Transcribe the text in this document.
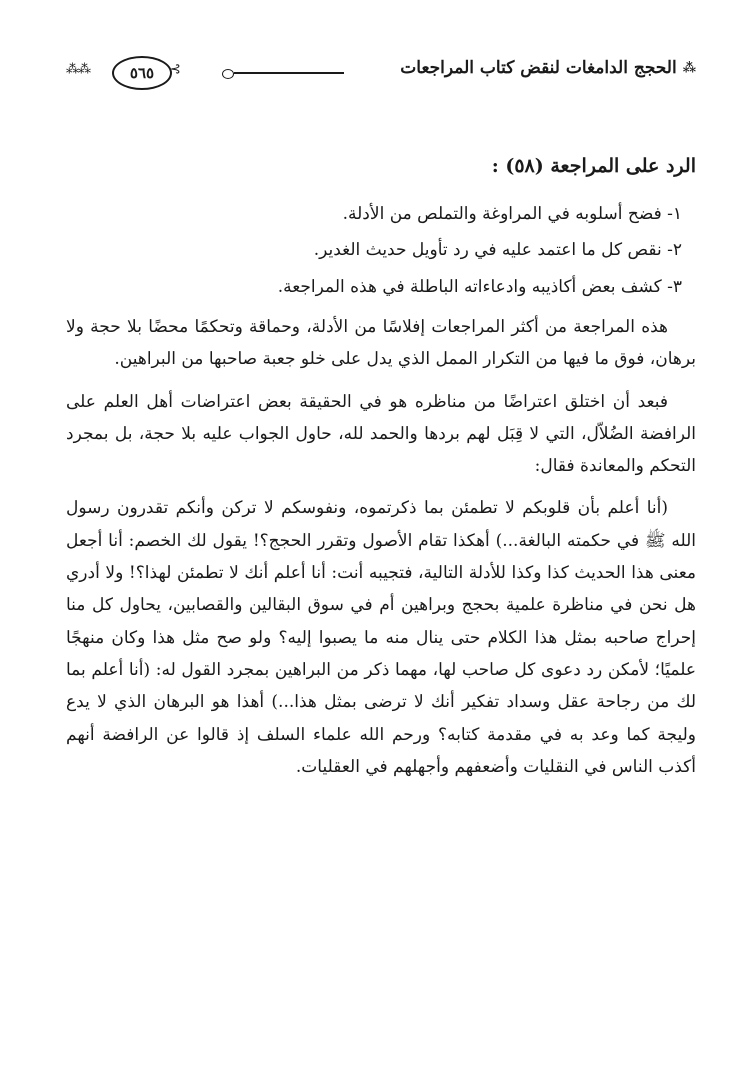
⁂
الحجج الدامغات لنقض كتاب المراجعات
⊱
٥٦٥
⁂⁂
الرد على المراجعة (٥٨) :
١- فضح أسلوبه في المراوغة والتملص من الأدلة.
٢- نقص كل ما اعتمد عليه في رد تأويل حديث الغدير.
٣- كشف بعض أكاذيبه وادعاءاته الباطلة في هذه المراجعة.

هذه المراجعة من أكثر المراجعات إفلاسًا من الأدلة، وحماقة وتحكمًا محضًا بلا حجة ولا برهان، فوق ما فيها من التكرار الممل الذي يدل على خلو جعبة صاحبها من البراهين.

فبعد أن اختلق اعتراضًا من مناظره هو في الحقيقة بعض اعتراضات أهل العلم على الرافضة الضُلاّل، التي لا قِبَل لهم بردها والحمد لله، حاول الجواب عليه بلا حجة، بل بمجرد التحكم والمعاندة فقال:

(أنا أعلم بأن قلوبكم لا تطمئن بما ذكرتموه، ونفوسكم لا تركن وأنكم تقدرون رسول الله ﷺ في حكمته البالغة...) أهكذا تقام الأصول وتقرر الحجج؟! يقول لك الخصم: أنا أجعل معنى هذا الحديث كذا وكذا للأدلة التالية، فتجيبه أنت: أنا أعلم أنك لا تطمئن لهذا؟! ولا أدري هل نحن في مناظرة علمية بحجج وبراهين أم في سوق البقالين والقصابين، يحاول كل منا إحراج صاحبه بمثل هذا الكلام حتى ينال منه ما يصبوا إليه؟ ولو صح مثل هذا وكان منهجًا علميًا؛ لأمكن رد دعوى كل صاحب لها، مهما ذكر من البراهين بمجرد القول له: (أنا أعلم بما لك من رجاحة عقل وسداد تفكير أنك لا ترضى بمثل هذا...) أهذا هو البرهان الذي لا يدع وليجة كما وعد به في مقدمة كتابه؟ ورحم الله علماء السلف إذ قالوا عن الرافضة أنهم أكذب الناس في النقليات وأضعفهم وأجهلهم في العقليات.
